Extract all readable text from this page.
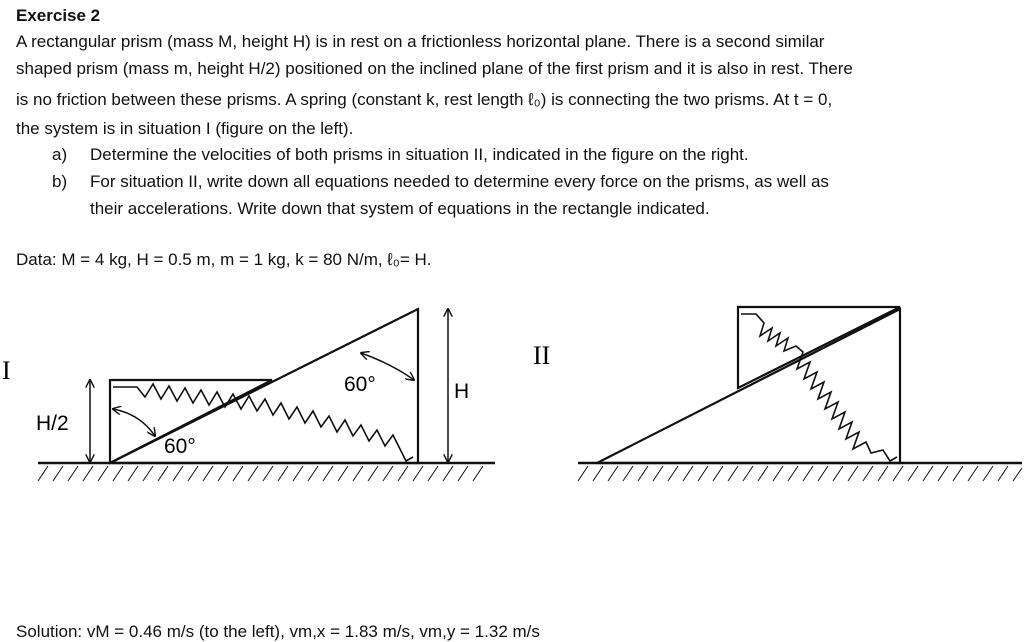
Exercise 2
A rectangular prism (mass M, height H) is in rest on a frictionless horizontal plane. There is a second similar
shaped prism (mass m, height H/2) positioned on the inclined plane of the first prism and it is also in rest. There
is no friction between these prisms. A spring (constant k, rest length ℓ₀) is connecting the two prisms. At t = 0,
the system is in situation I (figure on the left).
a) Determine the velocities of both prisms in situation II, indicated in the figure on the right.
b) For situation II, write down all equations needed to determine every force on the prisms, as well as
their accelerations. Write down that system of equations in the rectangle indicated.
Data: M = 4 kg, H = 0.5 m, m = 1 kg, k = 80 N/m, ℓ₀= H.
I
II
H/2
H
60°
60°
Solution: vM = 0.46 m/s (to the left), vm,x = 1.83 m/s, vm,y = 1.32 m/s
